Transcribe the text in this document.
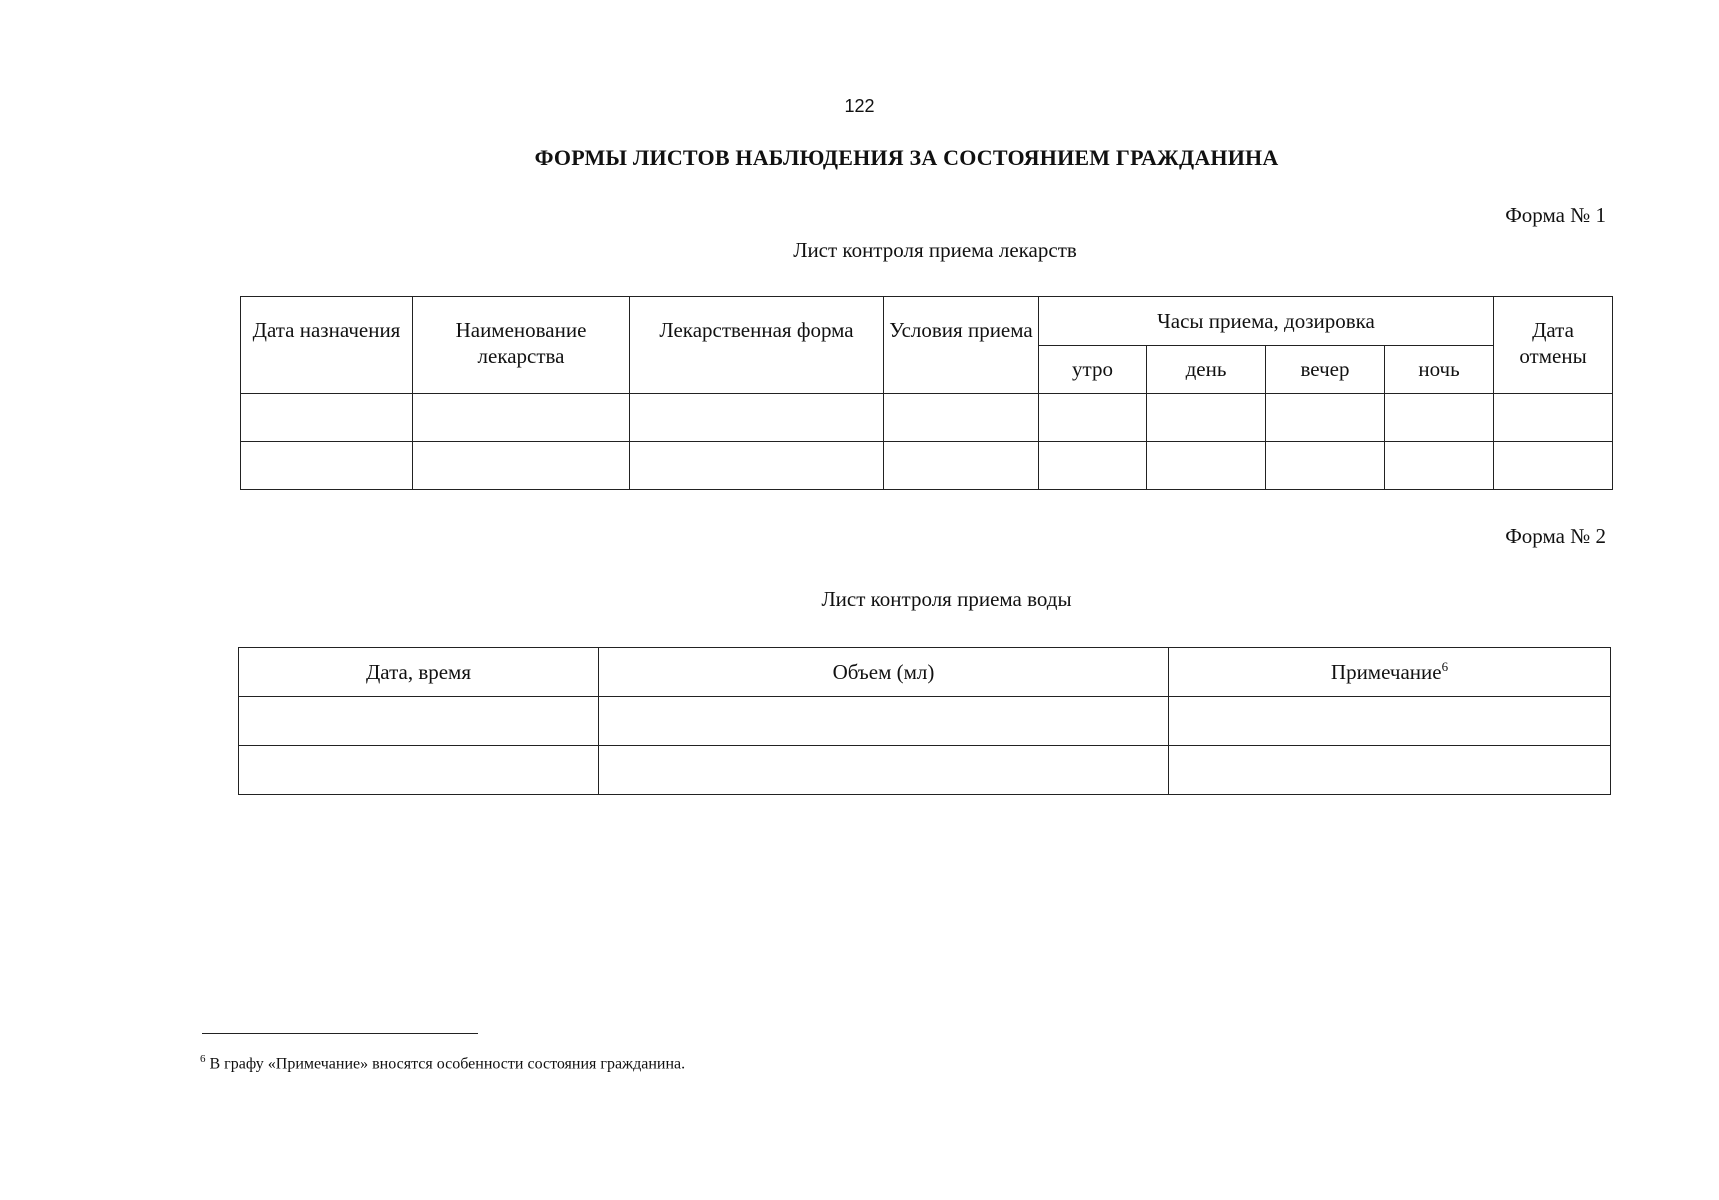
122
ФОРМЫ ЛИСТОВ НАБЛЮДЕНИЯ ЗА СОСТОЯНИЕМ ГРАЖДАНИНА
Форма № 1
Лист контроля приема лекарств
Дата назначения	Наименование лекарства	Лекарственная форма	Условия приема	Часы приема, дозировка				Дата отмены
				утро	день	вечер	ночь	

Форма № 2
Лист контроля приема воды
Дата, время	Объем (мл)	Примечание$^6$

$^6$ В графу «Примечание» вносятся особенности состояния гражданина.
